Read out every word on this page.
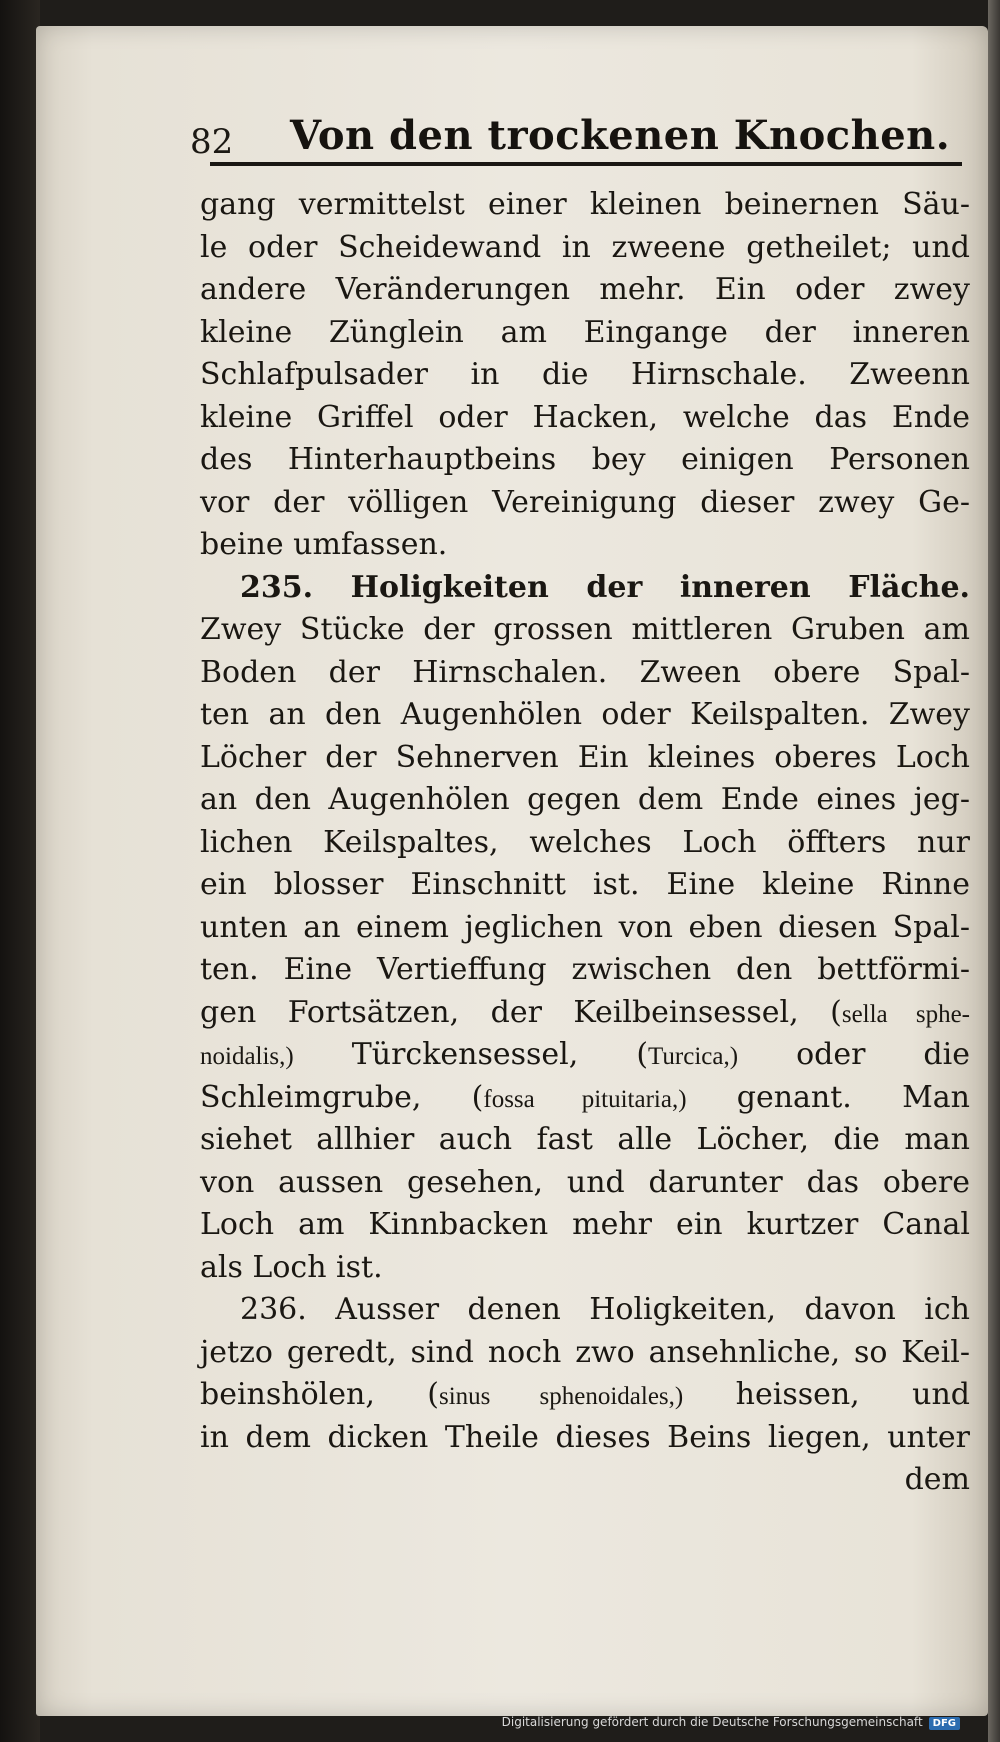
82 Von den trockenen Knochen.
gang vermittelst einer kleinen beinernen Säu-
le oder Scheidewand in zweene getheilet; und
andere Veränderungen mehr. Ein oder zwey
kleine Zünglein am Eingange der inneren
Schlafpulsader in die Hirnschale. Zweenn
kleine Griffel oder Hacken, welche das Ende
des Hinterhauptbeins bey einigen Personen
vor der völligen Vereinigung dieser zwey Ge-
beine umfassen.
235. Holigkeiten der inneren Fläche.
Zwey Stücke der grossen mittleren Gruben am
Boden der Hirnschalen. Zween obere Spal-
ten an den Augenhölen oder Keilspalten. Zwey
Löcher der Sehnerven Ein kleines oberes Loch
an den Augenhölen gegen dem Ende eines jeg-
lichen Keilspaltes, welches Loch öffters nur
ein blosser Einschnitt ist. Eine kleine Rinne
unten an einem jeglichen von eben diesen Spal-
ten. Eine Vertieffung zwischen den bettförmi-
gen Fortsätzen, der Keilbeinsessel, (sella sphe-
noidalis,) Türckensessel, (Turcica,) oder die
Schleimgrube, (fossa pituitaria,) genant. Man
siehet allhier auch fast alle Löcher, die man
von aussen gesehen, und darunter das obere
Loch am Kinnbacken mehr ein kurtzer Canal
als Loch ist.
236. Ausser denen Holigkeiten, davon ich
jetzo geredt, sind noch zwo ansehnliche, so Keil-
beinshölen, (sinus sphenoidales,) heissen, und
in dem dicken Theile dieses Beins liegen, unter
dem
Digitalisierung gefördert durch die Deutsche Forschungsgemeinschaft DFG
